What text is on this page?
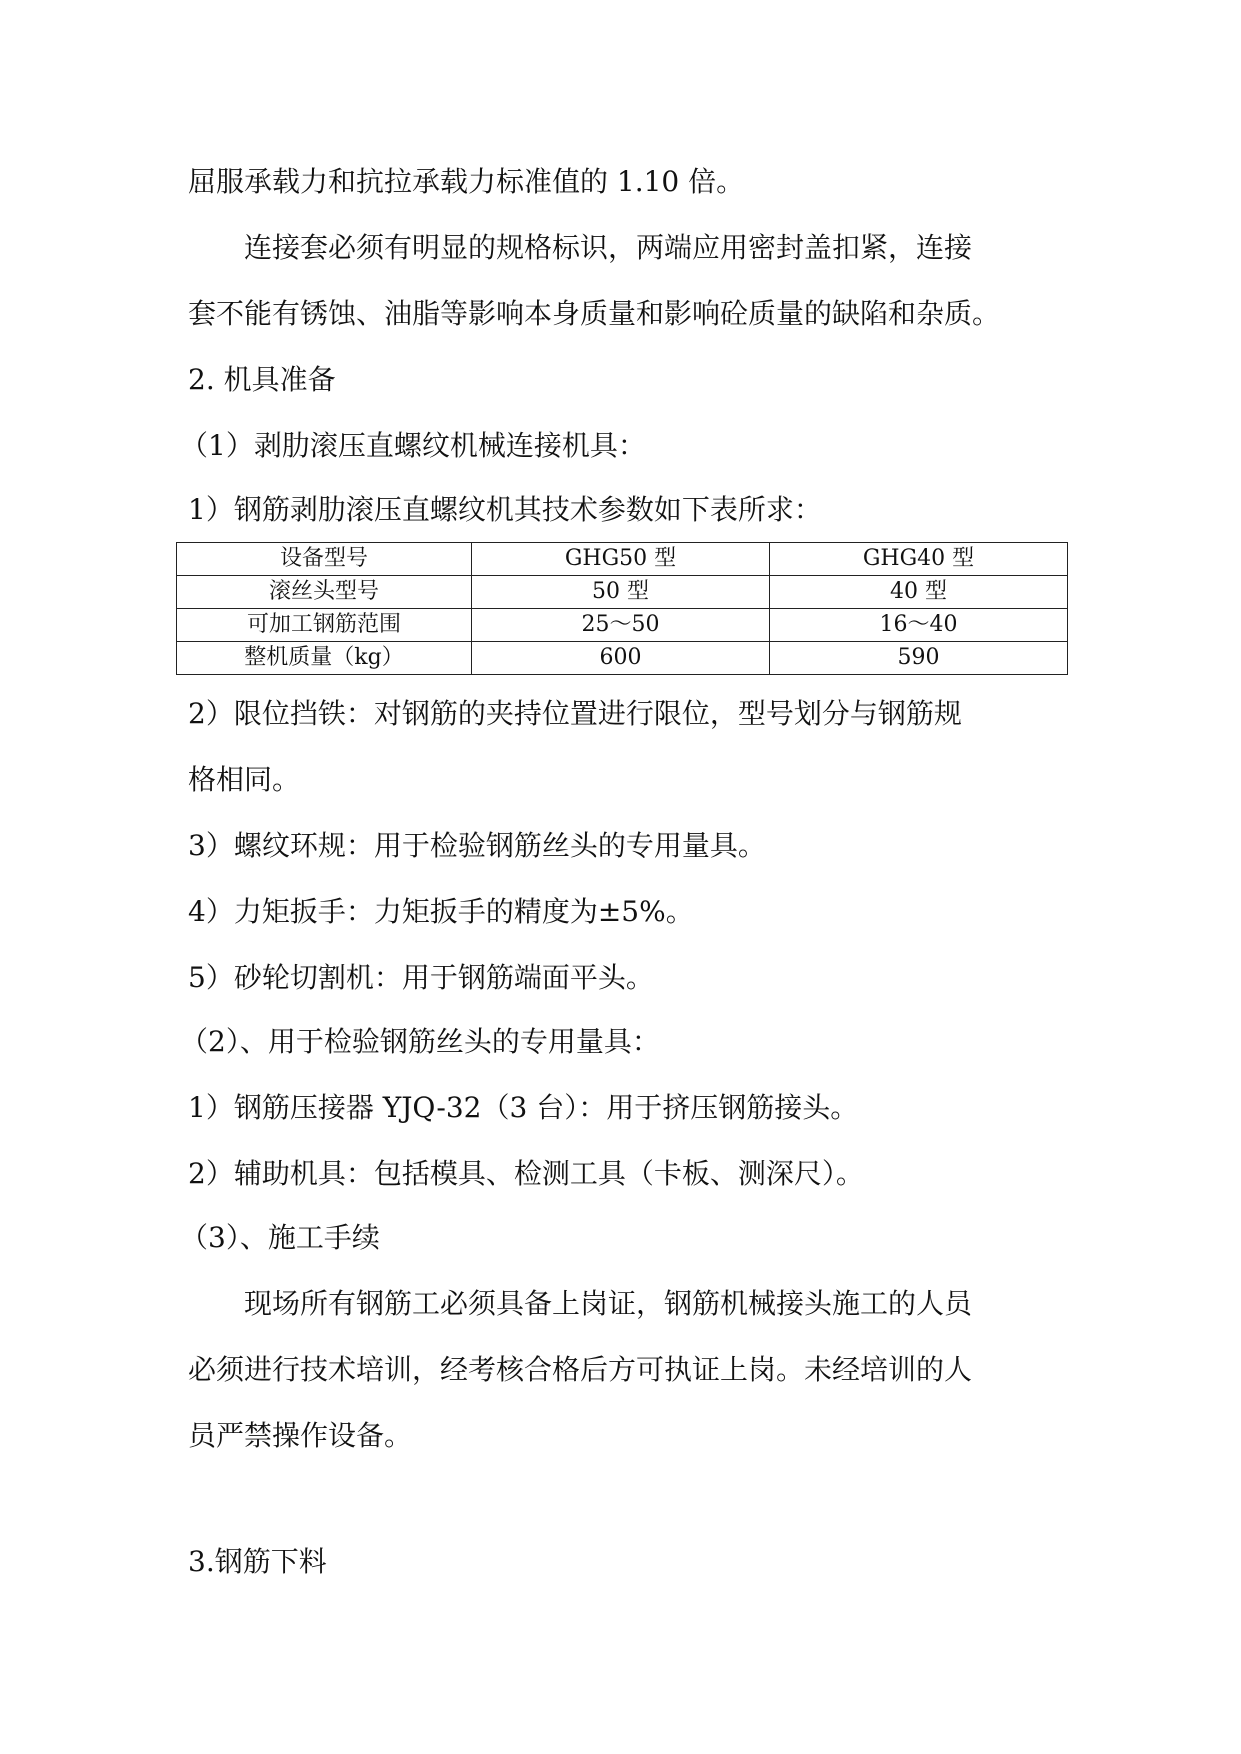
屈服承载力和抗拉承载力标准值的 1.10 倍。
连接套必须有明显的规格标识，两端应用密封盖扣紧，连接
套不能有锈蚀、油脂等影响本身质量和影响砼质量的缺陷和杂质。
2. 机具准备
（1）剥肋滚压直螺纹机械连接机具：
1）钢筋剥肋滚压直螺纹机其技术参数如下表所求：
设备型号	GHG50 型	GHG40 型
滚丝头型号	50 型	40 型
可加工钢筋范围	25～50	16～40
整机质量（kg）	600	590
2）限位挡铁：对钢筋的夹持位置进行限位，型号划分与钢筋规
格相同。
3）螺纹环规：用于检验钢筋丝头的专用量具。
4）力矩扳手：力矩扳手的精度为±5%。
5）砂轮切割机：用于钢筋端面平头。
（2）、用于检验钢筋丝头的专用量具：
1）钢筋压接器 YJQ-32（3 台）：用于挤压钢筋接头。
2）辅助机具：包括模具、检测工具（卡板、测深尺）。
（3）、施工手续
现场所有钢筋工必须具备上岗证，钢筋机械接头施工的人员
必须进行技术培训，经考核合格后方可执证上岗。未经培训的人
员严禁操作设备。
3.钢筋下料
